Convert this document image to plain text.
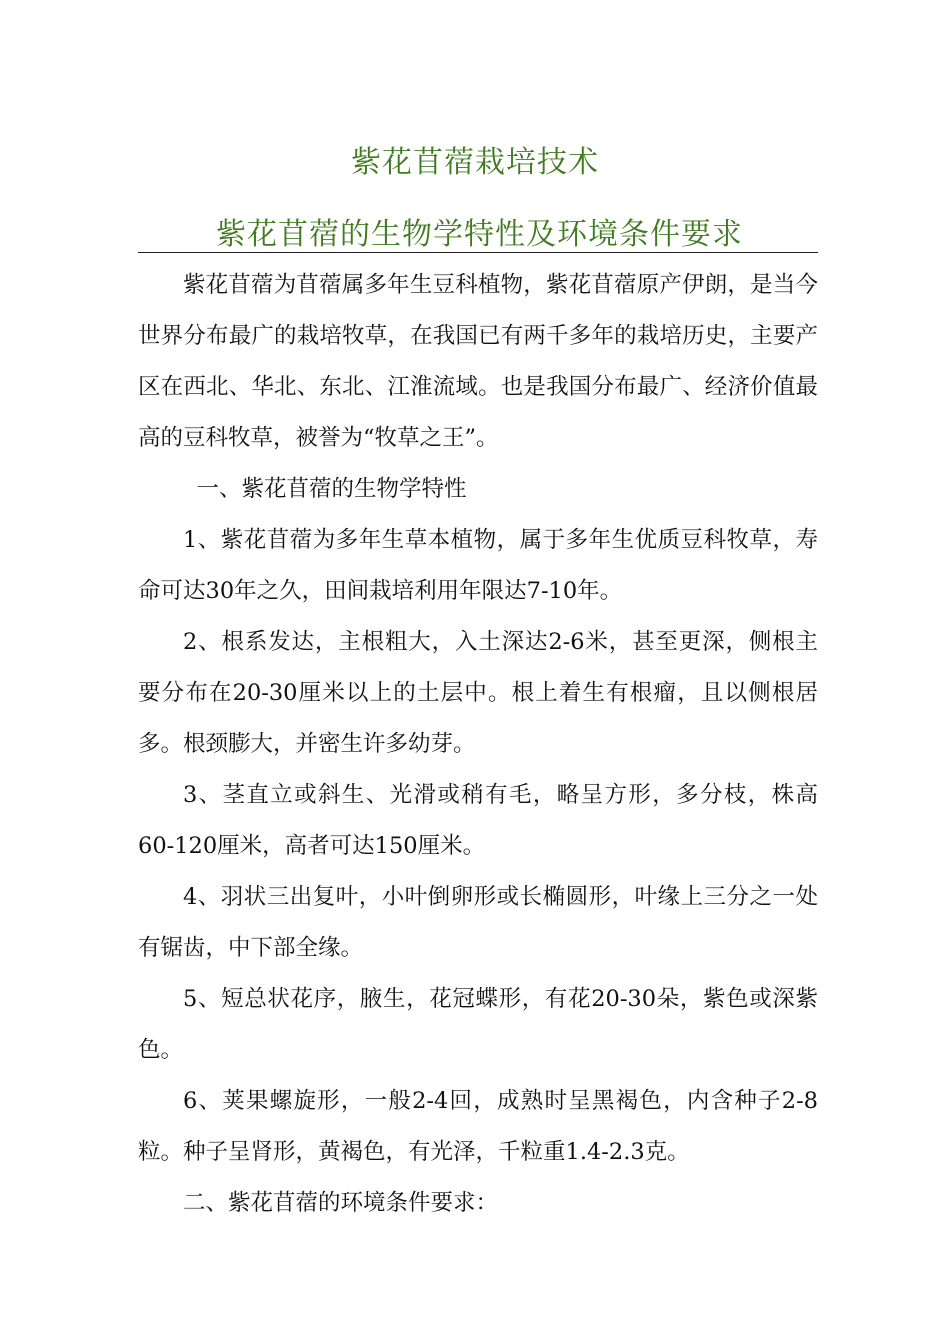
紫花苜蓿栽培技术
紫花苜蓿的生物学特性及环境条件要求

紫花苜蓿为苜蓿属多年生豆科植物，紫花苜蓿原产伊朗，是当今世界分布最广的栽培牧草，在我国已有两千多年的栽培历史，主要产区在西北、华北、东北、江淮流域。也是我国分布最广、经济价值最高的豆科牧草，被誉为“牧草之王”。

一、紫花苜蓿的生物学特性

1、紫花苜蓿为多年生草本植物，属于多年生优质豆科牧草，寿命可达30年之久，田间栽培利用年限达7-10年。

2、根系发达，主根粗大，入土深达2-6米，甚至更深，侧根主要分布在20-30厘米以上的土层中。根上着生有根瘤，且以侧根居多。根颈膨大，并密生许多幼芽。

3、茎直立或斜生、光滑或稍有毛，略呈方形，多分枝，株高60-120厘米，高者可达150厘米。

4、羽状三出复叶，小叶倒卵形或长椭圆形，叶缘上三分之一处有锯齿，中下部全缘。

5、短总状花序，腋生，花冠蝶形，有花20-30朵，紫色或深紫色。

6、荚果螺旋形，一般2-4回，成熟时呈黑褐色，内含种子2-8粒。种子呈肾形，黄褐色，有光泽，千粒重1.4-2.3克。

二、紫花苜蓿的环境条件要求：
